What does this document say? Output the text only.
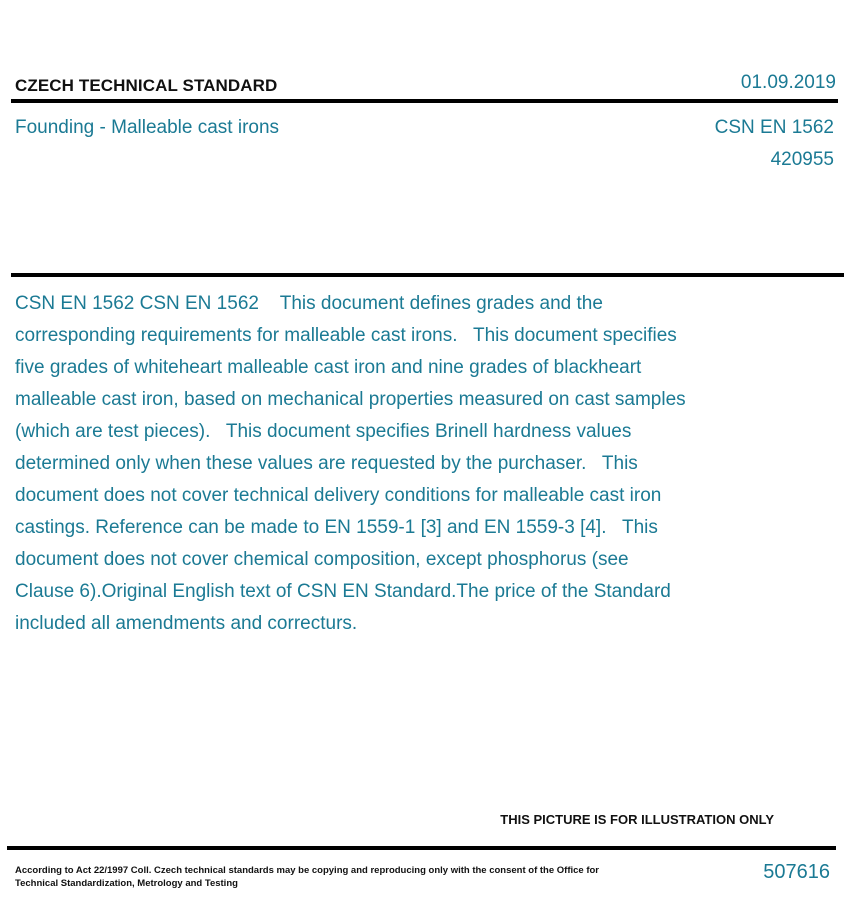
CZECH TECHNICAL STANDARD	01.09.2019
Founding - Malleable cast irons	CSN EN 1562
420955
CSN EN 1562 CSN EN 1562    This document defines grades and the corresponding requirements for malleable cast irons.   This document specifies five grades of whiteheart malleable cast iron and nine grades of blackheart malleable cast iron, based on mechanical properties measured on cast samples (which are test pieces).   This document specifies Brinell hardness values determined only when these values are requested by the purchaser.   This document does not cover technical delivery conditions for malleable cast iron castings. Reference can be made to EN 1559-1 [3] and EN 1559-3 [4].   This document does not cover chemical composition, except phosphorus (see Clause 6).Original English text of CSN EN Standard.The price of the Standard included all amendments and correcturs.
THIS PICTURE IS FOR ILLUSTRATION ONLY
According to Act 22/1997 Coll. Czech technical standards may be copying and reproducing only with the consent of the Office for Technical Standardization, Metrology and Testing
507616
